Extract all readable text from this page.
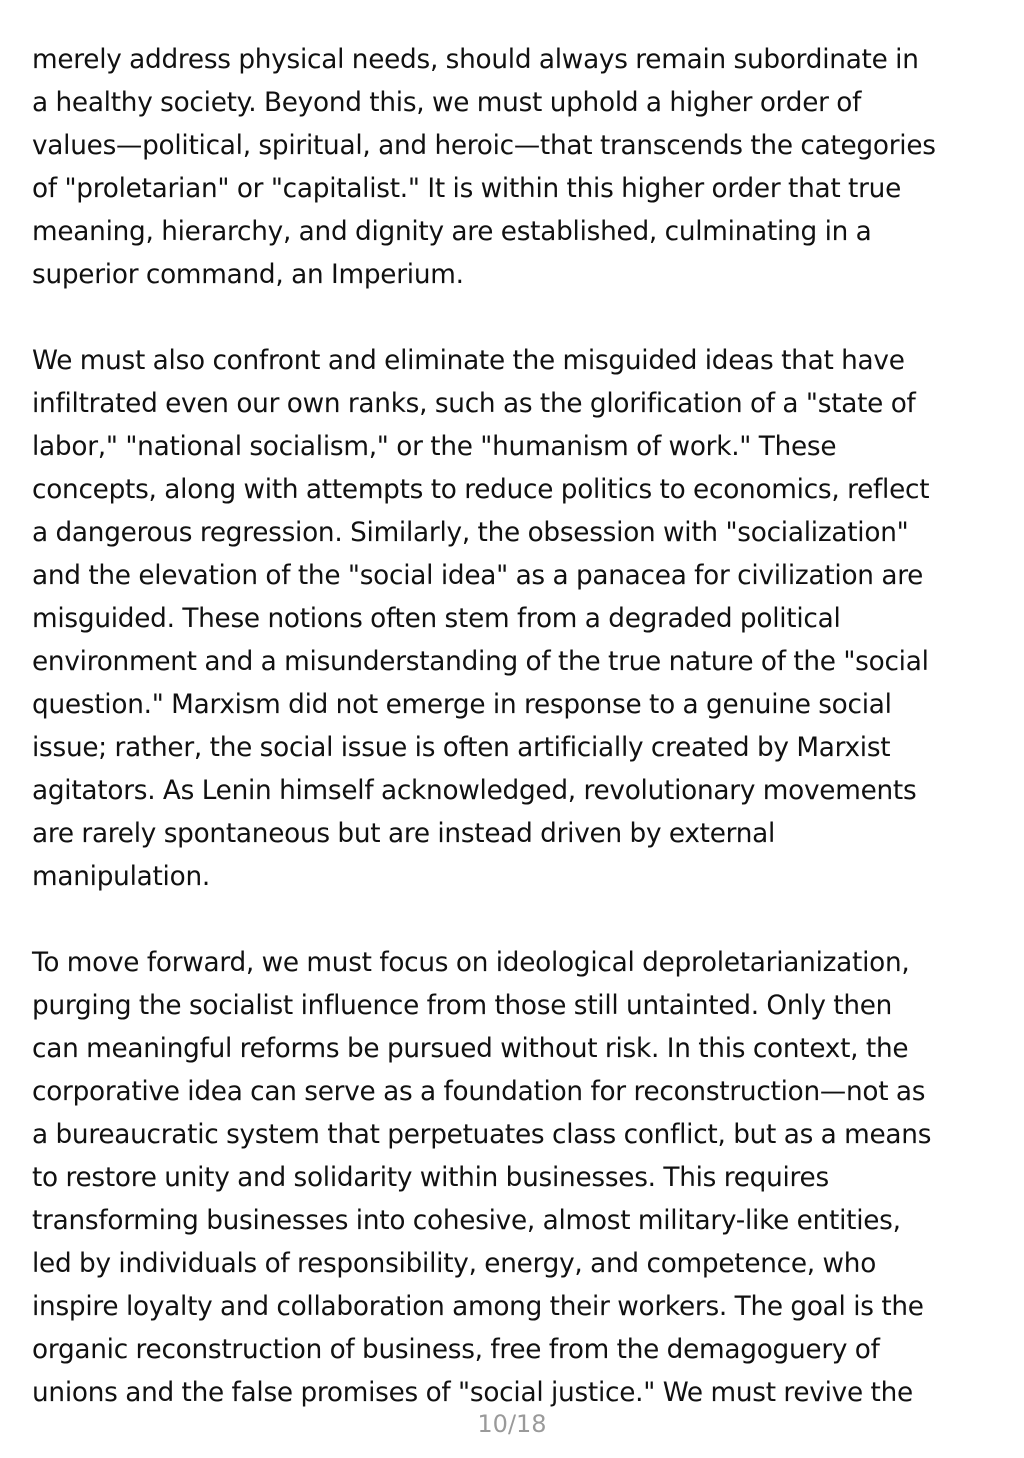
merely address physical needs, should always remain subordinate in
a healthy society. Beyond this, we must uphold a higher order of
values—political, spiritual, and heroic—that transcends the categories
of "proletarian" or "capitalist." It is within this higher order that true
meaning, hierarchy, and dignity are established, culminating in a
superior command, an Imperium.

We must also confront and eliminate the misguided ideas that have
infiltrated even our own ranks, such as the glorification of a "state of
labor," "national socialism," or the "humanism of work." These
concepts, along with attempts to reduce politics to economics, reflect
a dangerous regression. Similarly, the obsession with "socialization"
and the elevation of the "social idea" as a panacea for civilization are
misguided. These notions often stem from a degraded political
environment and a misunderstanding of the true nature of the "social
question." Marxism did not emerge in response to a genuine social
issue; rather, the social issue is often artificially created by Marxist
agitators. As Lenin himself acknowledged, revolutionary movements
are rarely spontaneous but are instead driven by external
manipulation.

To move forward, we must focus on ideological deproletarianization,
purging the socialist influence from those still untainted. Only then
can meaningful reforms be pursued without risk. In this context, the
corporative idea can serve as a foundation for reconstruction—not as
a bureaucratic system that perpetuates class conflict, but as a means
to restore unity and solidarity within businesses. This requires
transforming businesses into cohesive, almost military-like entities,
led by individuals of responsibility, energy, and competence, who
inspire loyalty and collaboration among their workers. The goal is the
organic reconstruction of business, free from the demagoguery of
unions and the false promises of "social justice." We must revive the

10/18
